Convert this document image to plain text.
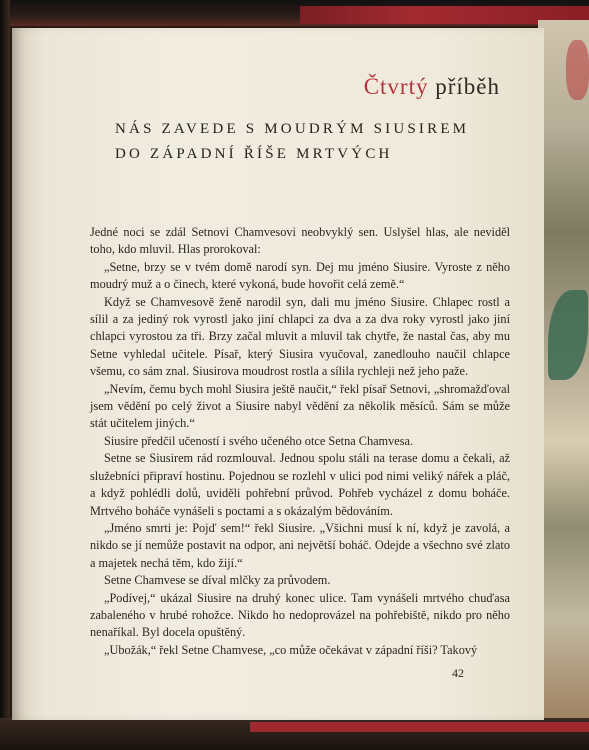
Čtvrtý příběh
NÁS ZAVEDE S MOUDRÝM SIUSIREM
DO ZÁPADNÍ ŘÍŠE MRTVÝCH

Jedné noci se zdál Setnovi Chamvesovi neobvyklý sen. Uslyšel hlas, ale neviděl toho, kdo mluvil. Hlas prorokoval:

„Setne, brzy se v tvém domě narodí syn. Dej mu jméno Siusire. Vyroste z něho moudrý muž a o činech, které vykoná, bude hovořit celá země.“

Když se Chamvesově ženě narodil syn, dali mu jméno Siusire. Chlapec rostl a sílil a za jediný rok vyrostl jako jiní chlapci za dva a za dva roky vyrostl jako jiní chlapci vyrostou za tři. Brzy začal mluvit a mluvil tak chytře, že nastal čas, aby mu Setne vyhledal učitele. Písař, který Siusira vyučoval, zanedlouho naučil chlapce všemu, co sám znal. Siusirova moudrost rostla a sílila rychleji než jeho paže.

„Nevím, čemu bych mohl Siusira ještě naučit,“ řekl písař Setnovi, „shromažďoval jsem vědění po celý život a Siusire nabyl vědění za několik měsíců. Sám se může stát učitelem jiných.“

Siusire předčil učeností i svého učeného otce Setna Chamvesa.

Setne se Siusirem rád rozmlouval. Jednou spolu stáli na terase domu a čekali, až služebníci připraví hostinu. Pojednou se rozlehl v ulici pod nimi veliký nářek a pláč, a když pohlédli dolů, uviděli pohřební průvod. Pohřeb vycházel z domu boháče. Mrtvého boháče vynášeli s poctami a s okázalým bědováním.

„Jméno smrti je: Pojď sem!“ řekl Siusire. „Všichni musí k ní, když je zavolá, a nikdo se jí nemůže postavit na odpor, ani největší boháč. Odejde a všechno své zlato a majetek nechá těm, kdo žijí.“

Setne Chamvese se díval mlčky za průvodem.

„Podívej,“ ukázal Siusire na druhý konec ulice. Tam vynášeli mrtvého chuďasa zabaleného v hrubé rohožce. Nikdo ho nedoprovázel na pohřebiště, nikdo pro něho nenaříkal. Byl docela opuštěný.

„Ubožák,“ řekl Setne Chamvese, „co může očekávat v západní říši? Takový

42
